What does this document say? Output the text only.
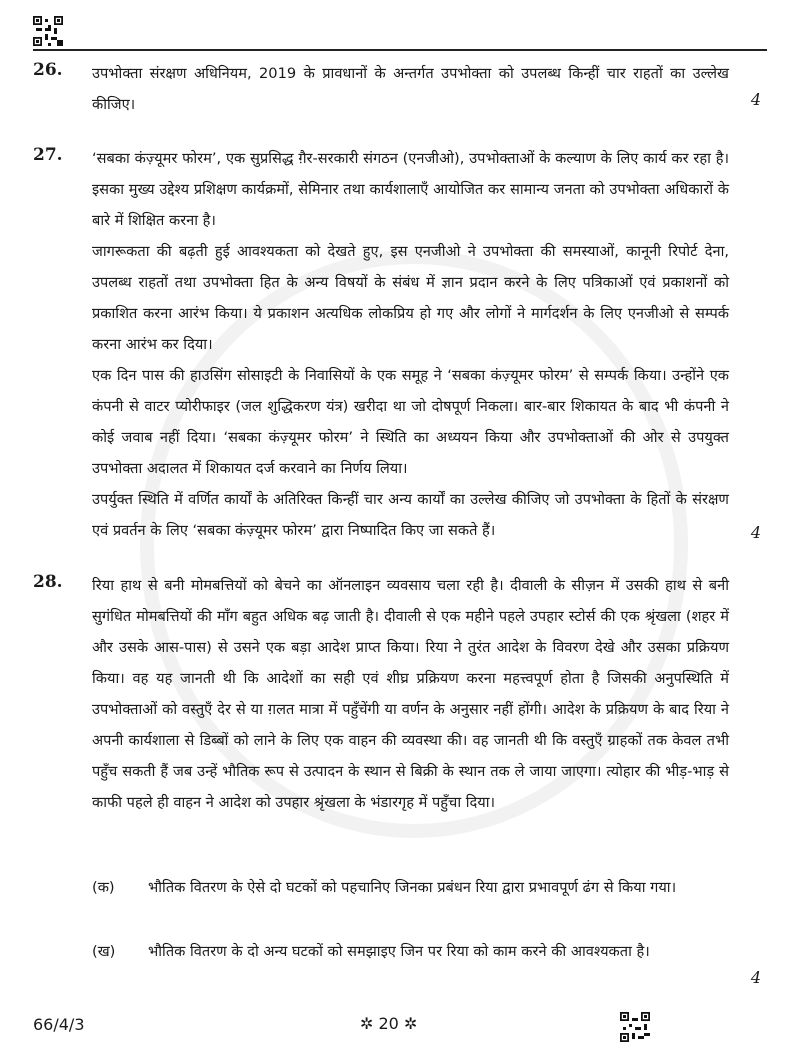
26. उपभोक्ता संरक्षण अधिनियम, 2019 के प्रावधानों के अन्तर्गत उपभोक्ता को उपलब्ध किन्हीं चार राहतों का उल्लेख कीजिए।	4
27. ‘सबका कंज़्यूमर फोरम’, एक सुप्रसिद्ध ग़ैर-सरकारी संगठन (एनजीओ), उपभोक्ताओं के कल्याण के लिए कार्य कर रहा है। इसका मुख्य उद्देश्य प्रशिक्षण कार्यक्रमों, सेमिनार तथा कार्यशालाएँ आयोजित कर सामान्य जनता को उपभोक्ता अधिकारों के बारे में शिक्षित करना है।

जागरूकता की बढ़ती हुई आवश्यकता को देखते हुए, इस एनजीओ ने उपभोक्ता की समस्याओं, कानूनी रिपोर्ट देना, उपलब्ध राहतों तथा उपभोक्ता हित के अन्य विषयों के संबंध में ज्ञान प्रदान करने के लिए पत्रिकाओं एवं प्रकाशनों को प्रकाशित करना आरंभ किया। ये प्रकाशन अत्यधिक लोकप्रिय हो गए और लोगों ने मार्गदर्शन के लिए एनजीओ से सम्पर्क करना आरंभ कर दिया।

एक दिन पास की हाउसिंग सोसाइटी के निवासियों के एक समूह ने ‘सबका कंज़्यूमर फोरम’ से सम्पर्क किया। उन्होंने एक कंपनी से वाटर प्योरीफाइर (जल शुद्धिकरण यंत्र) खरीदा था जो दोषपूर्ण निकला। बार-बार शिकायत के बाद भी कंपनी ने कोई जवाब नहीं दिया। ‘सबका कंज़्यूमर फोरम’ ने स्थिति का अध्ययन किया और उपभोक्ताओं की ओर से उपयुक्त उपभोक्ता अदालत में शिकायत दर्ज करवाने का निर्णय लिया।

उपर्युक्त स्थिति में वर्णित कार्यों के अतिरिक्त किन्हीं चार अन्य कार्यों का उल्लेख कीजिए जो उपभोक्ता के हितों के संरक्षण एवं प्रवर्तन के लिए ‘सबका कंज़्यूमर फोरम’ द्वारा निष्पादित किए जा सकते हैं।	4
28. रिया हाथ से बनी मोमबत्तियों को बेचने का ऑनलाइन व्यवसाय चला रही है। दीवाली के सीज़न में उसकी हाथ से बनी सुगंधित मोमबत्तियों की माँग बहुत अधिक बढ़ जाती है। दीवाली से एक महीने पहले उपहार स्टोर्स की एक श्रृंखला (शहर में और उसके आस-पास) से उसने एक बड़ा आदेश प्राप्त किया। रिया ने तुरंत आदेश के विवरण देखे और उसका प्रक्रियण किया। वह यह जानती थी कि आदेशों का सही एवं शीघ्र प्रक्रियण करना महत्त्वपूर्ण होता है जिसकी अनुपस्थिति में उपभोक्ताओं को वस्तुएँ देर से या ग़लत मात्रा में पहुँचेंगी या वर्णन के अनुसार नहीं होंगी। आदेश के प्रक्रियण के बाद रिया ने अपनी कार्यशाला से डिब्बों को लाने के लिए एक वाहन की व्यवस्था की। वह जानती थी कि वस्तुएँ ग्राहकों तक केवल तभी पहुँच सकती हैं जब उन्हें भौतिक रूप से उत्पादन के स्थान से बिक्री के स्थान तक ले जाया जाएगा। त्योहार की भीड़-भाड़ से काफी पहले ही वाहन ने आदेश को उपहार श्रृंखला के भंडारगृह में पहुँचा दिया।

(क) भौतिक वितरण के ऐसे दो घटकों को पहचानिए जिनका प्रबंधन रिया द्वारा प्रभावपूर्ण ढंग से किया गया।
(ख) भौतिक वितरण के दो अन्य घटकों को समझाइए जिन पर रिया को काम करने की आवश्यकता है।
4
66/4/3	✲ 20 ✲
